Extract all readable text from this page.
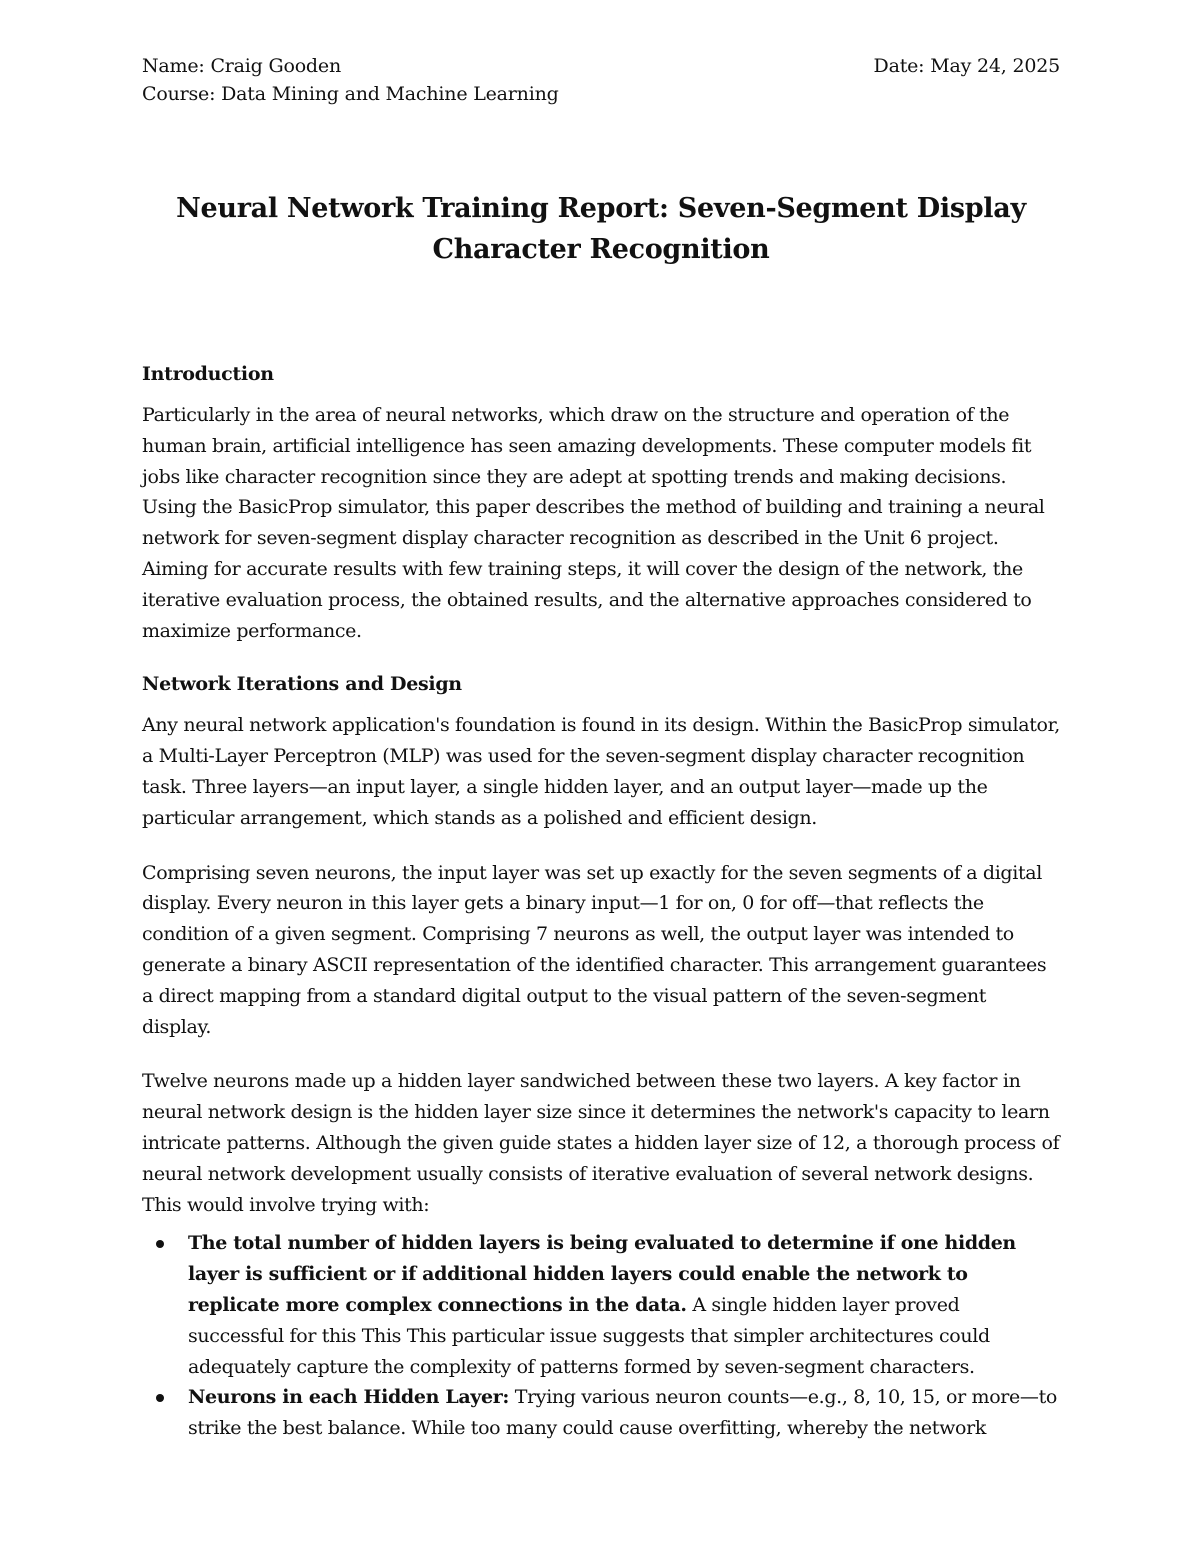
Name: Craig Gooden	Date: May 24, 2025
Course: Data Mining and Machine Learning
Neural Network Training Report: Seven-Segment Display
Character Recognition
Introduction

Particularly in the area of neural networks, which draw on the structure and operation of the human brain, artificial intelligence has seen amazing developments. These computer models fit jobs like character recognition since they are adept at spotting trends and making decisions. Using the BasicProp simulator, this paper describes the method of building and training a neural network for seven-segment display character recognition as described in the Unit 6 project. Aiming for accurate results with few training steps, it will cover the design of the network, the iterative evaluation process, the obtained results, and the alternative approaches considered to maximize performance.

Network Iterations and Design

Any neural network application's foundation is found in its design. Within the BasicProp simulator, a Multi-Layer Perceptron (MLP) was used for the seven-segment display character recognition task. Three layers—an input layer, a single hidden layer, and an output layer—made up the particular arrangement, which stands as a polished and efficient design.

Comprising seven neurons, the input layer was set up exactly for the seven segments of a digital display. Every neuron in this layer gets a binary input—1 for on, 0 for off—that reflects the condition of a given segment. Comprising 7 neurons as well, the output layer was intended to generate a binary ASCII representation of the identified character. This arrangement guarantees a direct mapping from a standard digital output to the visual pattern of the seven-segment display.

Twelve neurons made up a hidden layer sandwiched between these two layers. A key factor in neural network design is the hidden layer size since it determines the network's capacity to learn intricate patterns. Although the given guide states a hidden layer size of 12, a thorough process of neural network development usually consists of iterative evaluation of several network designs. This would involve trying with:

The total number of hidden layers is being evaluated to determine if one hidden layer is sufficient or if additional hidden layers could enable the network to replicate more complex connections in the data. A single hidden layer proved successful for this This This particular issue suggests that simpler architectures could adequately capture the complexity of patterns formed by seven-segment characters.
Neurons in each Hidden Layer: Trying various neuron counts—e.g., 8, 10, 15, or more—to strike the best balance. While too many could cause overfitting, whereby the network
